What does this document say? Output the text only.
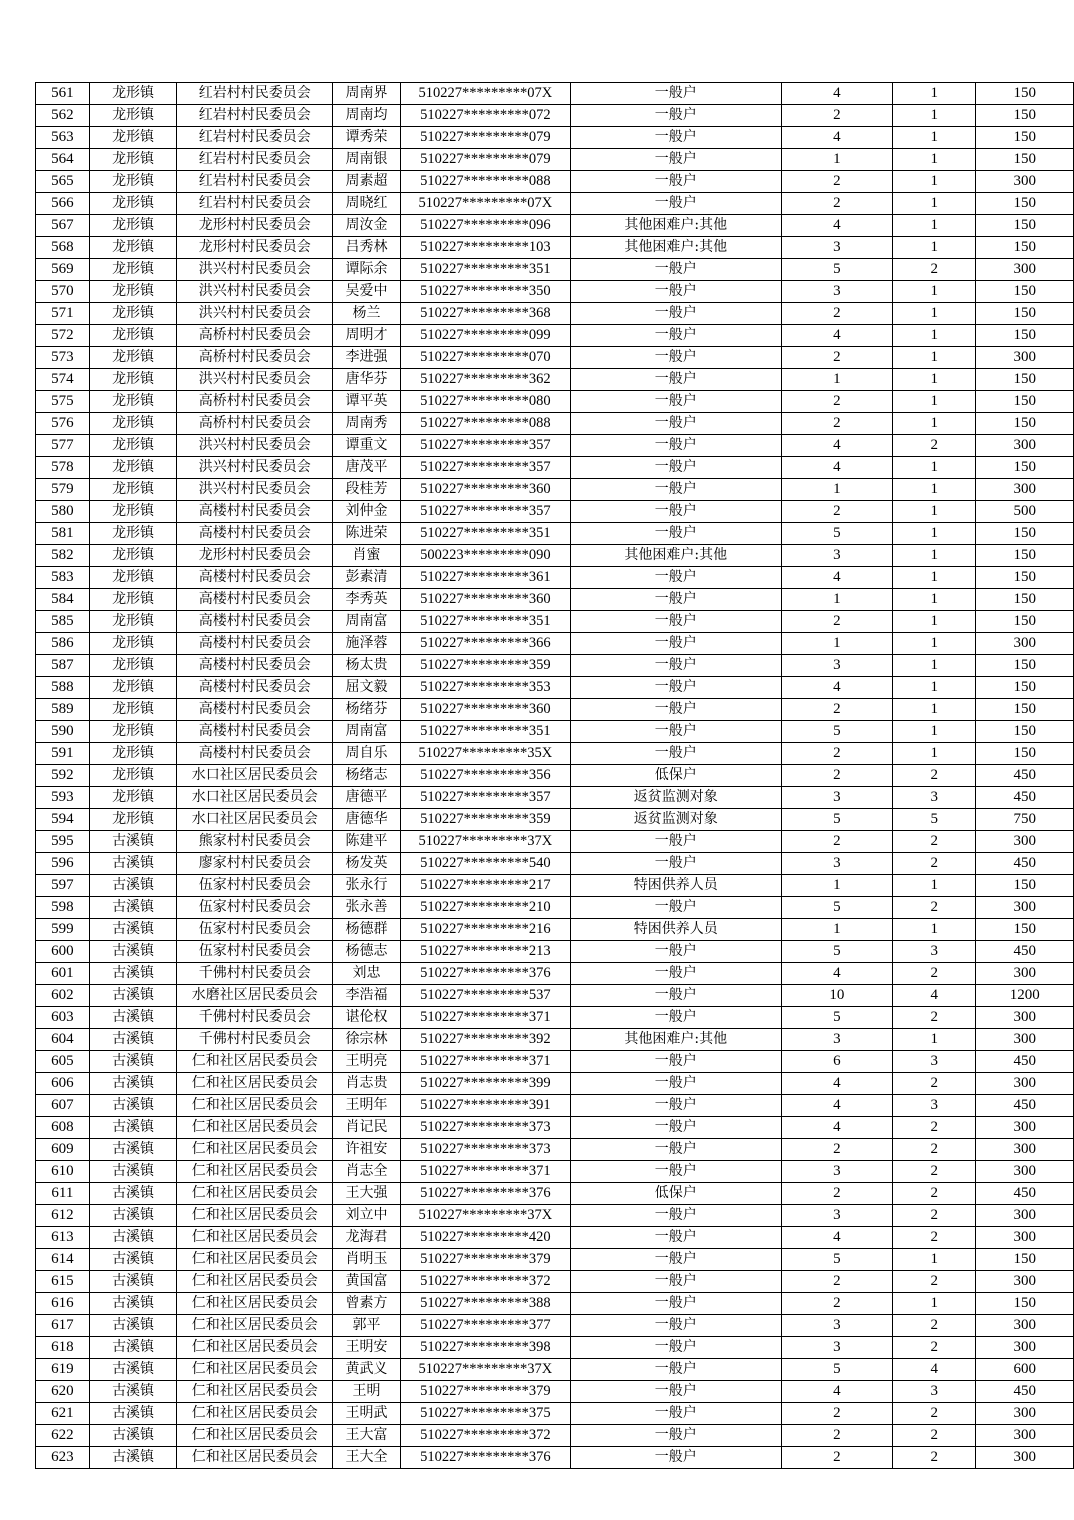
561	龙形镇	红岩村村民委员会	周南界	510227*********07X	一般户	4	1	150
562	龙形镇	红岩村村民委员会	周南均	510227*********072	一般户	2	1	150
563	龙形镇	红岩村村民委员会	谭秀荣	510227*********079	一般户	4	1	150
564	龙形镇	红岩村村民委员会	周南银	510227*********079	一般户	1	1	150
565	龙形镇	红岩村村民委员会	周素超	510227*********088	一般户	2	1	300
566	龙形镇	红岩村村民委员会	周晓红	510227*********07X	一般户	2	1	150
567	龙形镇	龙形村村民委员会	周汝金	510227*********096	其他困难户:其他	4	1	150
568	龙形镇	龙形村村民委员会	吕秀林	510227*********103	其他困难户:其他	3	1	150
569	龙形镇	洪兴村村民委员会	谭际余	510227*********351	一般户	5	2	300
570	龙形镇	洪兴村村民委员会	吴爱中	510227*********350	一般户	3	1	150
571	龙形镇	洪兴村村民委员会	杨兰	510227*********368	一般户	2	1	150
572	龙形镇	高桥村村民委员会	周明才	510227*********099	一般户	4	1	150
573	龙形镇	高桥村村民委员会	李进强	510227*********070	一般户	2	1	300
574	龙形镇	洪兴村村民委员会	唐华芬	510227*********362	一般户	1	1	150
575	龙形镇	高桥村村民委员会	谭平英	510227*********080	一般户	2	1	150
576	龙形镇	高桥村村民委员会	周南秀	510227*********088	一般户	2	1	150
577	龙形镇	洪兴村村民委员会	谭重文	510227*********357	一般户	4	2	300
578	龙形镇	洪兴村村民委员会	唐茂平	510227*********357	一般户	4	1	150
579	龙形镇	洪兴村村民委员会	段桂芳	510227*********360	一般户	1	1	300
580	龙形镇	高楼村村民委员会	刘仲金	510227*********357	一般户	2	1	500
581	龙形镇	高楼村村民委员会	陈进荣	510227*********351	一般户	5	1	150
582	龙形镇	龙形村村民委员会	肖蜜	500223*********090	其他困难户:其他	3	1	150
583	龙形镇	高楼村村民委员会	彭素清	510227*********361	一般户	4	1	150
584	龙形镇	高楼村村民委员会	李秀英	510227*********360	一般户	1	1	150
585	龙形镇	高楼村村民委员会	周南富	510227*********351	一般户	2	1	150
586	龙形镇	高楼村村民委员会	施泽蓉	510227*********366	一般户	1	1	300
587	龙形镇	高楼村村民委员会	杨太贵	510227*********359	一般户	3	1	150
588	龙形镇	高楼村村民委员会	屈文毅	510227*********353	一般户	4	1	150
589	龙形镇	高楼村村民委员会	杨绪芬	510227*********360	一般户	2	1	150
590	龙形镇	高楼村村民委员会	周南富	510227*********351	一般户	5	1	150
591	龙形镇	高楼村村民委员会	周自乐	510227*********35X	一般户	2	1	150
592	龙形镇	水口社区居民委员会	杨绪志	510227*********356	低保户	2	2	450
593	龙形镇	水口社区居民委员会	唐德平	510227*********357	返贫监测对象	3	3	450
594	龙形镇	水口社区居民委员会	唐德华	510227*********359	返贫监测对象	5	5	750
595	古溪镇	熊家村村民委员会	陈建平	510227*********37X	一般户	2	2	300
596	古溪镇	廖家村村民委员会	杨发英	510227*********540	一般户	3	2	450
597	古溪镇	伍家村村民委员会	张永行	510227*********217	特困供养人员	1	1	150
598	古溪镇	伍家村村民委员会	张永善	510227*********210	一般户	5	2	300
599	古溪镇	伍家村村民委员会	杨德群	510227*********216	特困供养人员	1	1	150
600	古溪镇	伍家村村民委员会	杨德志	510227*********213	一般户	5	3	450
601	古溪镇	千佛村村民委员会	刘忠	510227*********376	一般户	4	2	300
602	古溪镇	水磨社区居民委员会	李浩福	510227*********537	一般户	10	4	1200
603	古溪镇	千佛村村民委员会	谌伦权	510227*********371	一般户	5	2	300
604	古溪镇	千佛村村民委员会	徐宗林	510227*********392	其他困难户:其他	3	1	300
605	古溪镇	仁和社区居民委员会	王明亮	510227*********371	一般户	6	3	450
606	古溪镇	仁和社区居民委员会	肖志贵	510227*********399	一般户	4	2	300
607	古溪镇	仁和社区居民委员会	王明年	510227*********391	一般户	4	3	450
608	古溪镇	仁和社区居民委员会	肖记民	510227*********373	一般户	4	2	300
609	古溪镇	仁和社区居民委员会	许祖安	510227*********373	一般户	2	2	300
610	古溪镇	仁和社区居民委员会	肖志全	510227*********371	一般户	3	2	300
611	古溪镇	仁和社区居民委员会	王大强	510227*********376	低保户	2	2	450
612	古溪镇	仁和社区居民委员会	刘立中	510227*********37X	一般户	3	2	300
613	古溪镇	仁和社区居民委员会	龙海君	510227*********420	一般户	4	2	300
614	古溪镇	仁和社区居民委员会	肖明玉	510227*********379	一般户	5	1	150
615	古溪镇	仁和社区居民委员会	黄国富	510227*********372	一般户	2	2	300
616	古溪镇	仁和社区居民委员会	曾素方	510227*********388	一般户	2	1	150
617	古溪镇	仁和社区居民委员会	郭平	510227*********377	一般户	3	2	300
618	古溪镇	仁和社区居民委员会	王明安	510227*********398	一般户	3	2	300
619	古溪镇	仁和社区居民委员会	黄武义	510227*********37X	一般户	5	4	600
620	古溪镇	仁和社区居民委员会	王明	510227*********379	一般户	4	3	450
621	古溪镇	仁和社区居民委员会	王明武	510227*********375	一般户	2	2	300
622	古溪镇	仁和社区居民委员会	王大富	510227*********372	一般户	2	2	300
623	古溪镇	仁和社区居民委员会	王大全	510227*********376	一般户	2	2	300
